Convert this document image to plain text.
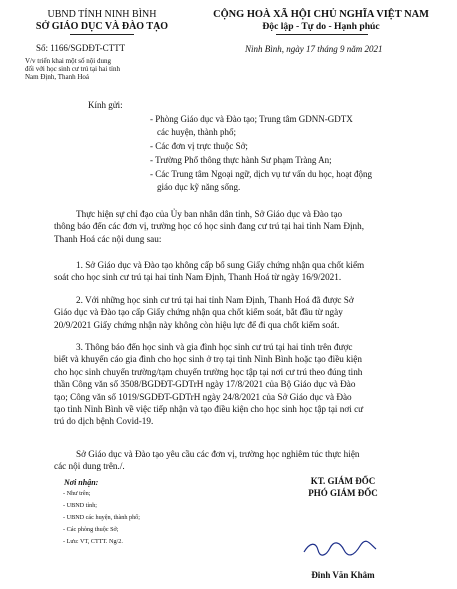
UBND TỈNH NINH BÌNH
SỞ GIÁO DỤC VÀ ĐÀO TẠO
Số: 1166/SGDĐT-CTTT
V/v triển khai một số nội dung
đối với học sinh cư trú tại hai tỉnh
Nam Định, Thanh Hoá
CỘNG HOÀ XÃ HỘI CHỦ NGHĨA VIỆT NAM
Độc lập - Tự do - Hạnh phúc
Ninh Bình, ngày 17 tháng 9 năm 2021
Kính gửi:
- Phòng Giáo dục và Đào tạo; Trung tâm GDNN-GDTX
các huyện, thành phố;
- Các đơn vị trực thuộc Sở;
- Trường Phổ thông thực hành Sư phạm Tràng An;
- Các Trung tâm Ngoại ngữ, dịch vụ tư vấn du học, hoạt động
giáo dục kỹ năng sống.
Thực hiện sự chỉ đạo của Ủy ban nhân dân tỉnh, Sở Giáo dục và Đào tạo
thông báo đến các đơn vị, trường học có học sinh đang cư trú tại hai tỉnh Nam Định,
Thanh Hoá các nội dung sau:
1. Sở Giáo dục và Đào tạo không cấp bổ sung Giấy chứng nhận qua chốt kiểm
soát cho học sinh cư trú tại hai tỉnh Nam Định, Thanh Hoá từ ngày 16/9/2021.
2. Với những học sinh cư trú tại hai tỉnh Nam Định, Thanh Hoá đã được Sở
Giáo dục và Đào tạo cấp Giấy chứng nhận qua chốt kiểm soát, bắt đầu từ ngày
20/9/2021 Giấy chứng nhận này không còn hiệu lực để đi qua chốt kiểm soát.
3. Thông báo đến học sinh và gia đình học sinh cư trú tại hai tỉnh trên được
biết và khuyến cáo gia đình cho học sinh ở trọ tại tỉnh Ninh Bình hoặc tạo điều kiện
cho học sinh chuyển trường/tạm chuyển trường học tập tại nơi cư trú theo đúng tinh
thần Công văn số 3508/BGDĐT-GDTrH ngày 17/8/2021 của Bộ Giáo dục và Đào
tạo; Công văn số 1019/SGDĐT-GDTrH ngày 24/8/2021 của Sở Giáo dục và Đào
tạo tỉnh Ninh Bình về việc tiếp nhận và tạo điều kiện cho học sinh học tập tại nơi cư
trú do dịch bệnh Covid-19.
Sở Giáo dục và Đào tạo yêu cầu các đơn vị, trường học nghiêm túc thực hiện
các nội dung trên./.
Nơi nhận:
- Như trên;
- UBND tỉnh;
- UBND các huyện, thành phố;
- Các phòng thuộc Sở;
- Lưu: VT, CTTT. Ng/2.
KT. GIÁM ĐỐC
PHÓ GIÁM ĐỐC
Đinh Văn Khâm
